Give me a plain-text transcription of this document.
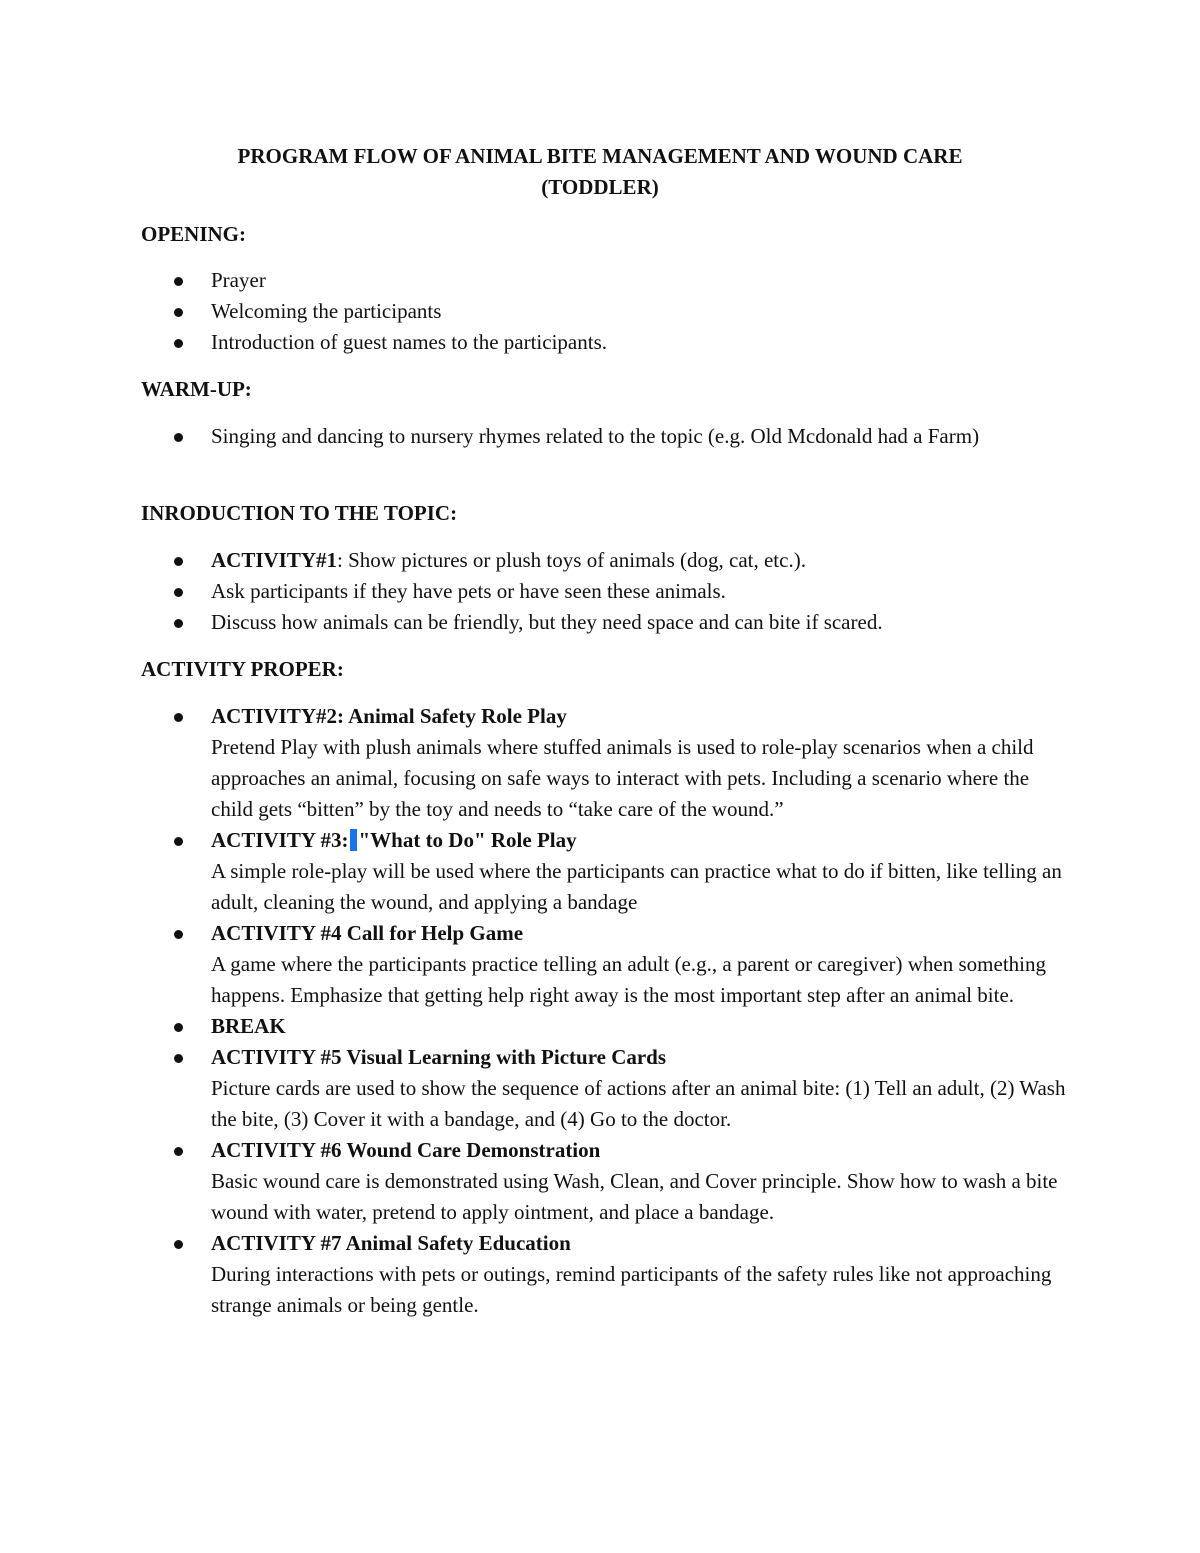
PROGRAM FLOW OF ANIMAL BITE MANAGEMENT AND WOUND CARE
(TODDLER)
OPENING:
Prayer
Welcoming the participants
Introduction of guest names to the participants.
WARM-UP:
Singing and dancing to nursery rhymes related to the topic (e.g. Old Mcdonald had a Farm)
INRODUCTION TO THE TOPIC:
ACTIVITY#1: Show pictures or plush toys of animals (dog, cat, etc.).
Ask participants if they have pets or have seen these animals.
Discuss how animals can be friendly, but they need space and can bite if scared.
ACTIVITY PROPER:
ACTIVITY#2: Animal Safety Role Play
Pretend Play with plush animals where stuffed animals is used to role-play scenarios when a child approaches an animal, focusing on safe ways to interact with pets. Including a scenario where the child gets “bitten” by the toy and needs to “take care of the wound.”
ACTIVITY #3: "What to Do" Role Play
A simple role-play will be used where the participants can practice what to do if bitten, like telling an adult, cleaning the wound, and applying a bandage
ACTIVITY #4 Call for Help Game
A game where the participants practice telling an adult (e.g., a parent or caregiver) when something happens. Emphasize that getting help right away is the most important step after an animal bite.
BREAK
ACTIVITY #5 Visual Learning with Picture Cards
Picture cards are used to show the sequence of actions after an animal bite: (1) Tell an adult, (2) Wash the bite, (3) Cover it with a bandage, and (4) Go to the doctor.
ACTIVITY #6 Wound Care Demonstration
Basic wound care is demonstrated using Wash, Clean, and Cover principle. Show how to wash a bite wound with water, pretend to apply ointment, and place a bandage.
ACTIVITY #7 Animal Safety Education
During interactions with pets or outings, remind participants of the safety rules like not approaching strange animals or being gentle.
